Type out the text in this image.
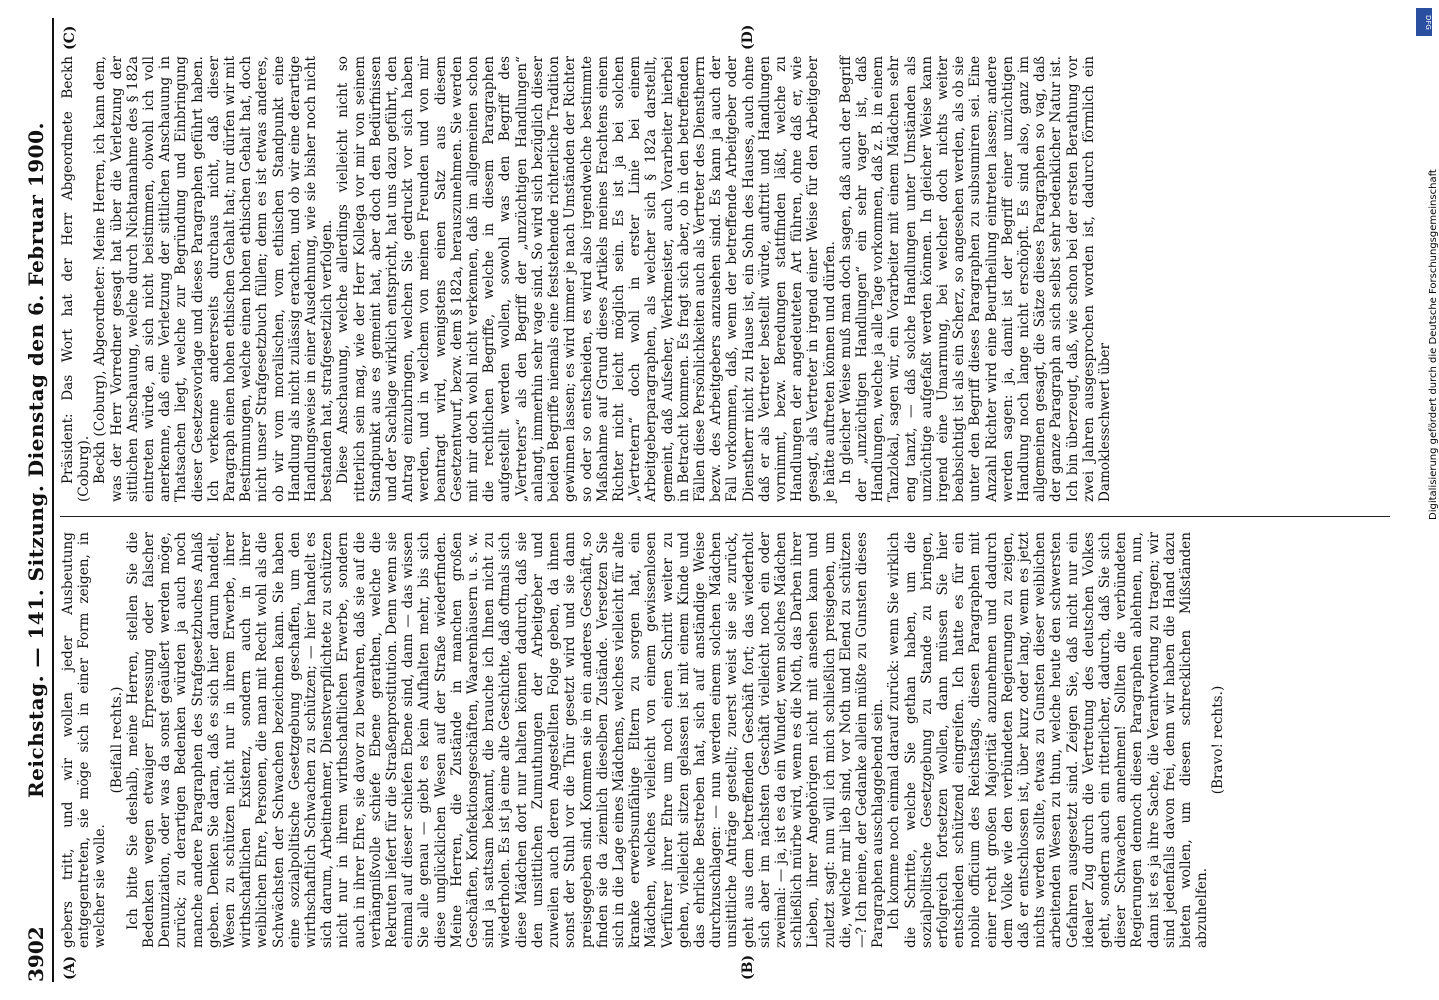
3902
Reichstag. — 141. Sitzung. Dienstag den 6. Februar 1900.
(A)	(B)
(C)	(D)

gebers tritt, und wir wollen jeder Ausbeutung entgegentreten, sie möge sich in einer Form zeigen, in welcher sie wolle.

(Beifall rechts.) Ich bitte Sie deshalb, meine Herren, stellen Sie die Bedenken wegen etwaiger Erpressung oder falscher Denunziation, oder was da sonst geäußert werden möge, zurück; zu derartigen Bedenken würden ja auch noch manche andere Paragraphen des Strafgesetzbuches Anlaß geben. Denken Sie daran, daß es sich hier darum handelt, Wesen zu schützen nicht nur in ihrem Erwerbe, ihrer wirthschaftlichen Existenz, sondern auch in ihrer weiblichen Ehre, Personen, die man mit Recht wohl als die Schwächsten der Schwachen bezeichnen kann. Sie haben eine sozialpolitische Gesetzgebung geschaffen, um den wirthschaftlich Schwachen zu schützen; — hier handelt es sich darum, Arbeitnehmer, Dienstverpflichtete zu schützen nicht nur in ihrem wirthschaftlichen Erwerbe, sondern auch in ihrer Ehre, sie davor zu bewahren, daß sie auf die verhängnißvolle schiefe Ebene gerathen, welche die Rekruten liefert für die Straßenprostitution. Denn wenn sie einmal auf dieser schiefen Ebene sind, dann — das wissen Sie alle genau — giebt es kein Aufhalten mehr, bis sich diese unglücklichen Wesen auf der Straße wiederfinden. Meine Herren, die Zustände in manchen großen Geschäften, Konfektionsgeschäften, Waarenhäusern u. s. w. sind ja sattsam bekannt, die brauche ich Ihnen nicht zu wiederholen. Es ist ja eine alte Geschichte, daß oftmals sich diese Mädchen dort nur halten können dadurch, daß sie den unsittlichen Zumuthungen der Arbeitgeber und zuweilen auch deren Angestellten Folge geben, da ihnen sonst der Stuhl vor die Thür gesetzt wird und sie dann preisgegeben sind. Kommen sie in ein anderes Geschäft, so finden sie da ziemlich dieselben Zustände. Versetzen Sie sich in die Lage eines Mädchens, welches vielleicht für alte kranke erwerbsunfähige Eltern zu sorgen hat, ein Mädchen, welches vielleicht von einem gewissenlosen Verführer ihrer Ehre um noch einen Schritt weiter zu gehen, vielleicht sitzen gelassen ist mit einem Kinde und das ehrliche Bestreben hat, sich auf anständige Weise durchzuschlagen: — nun werden einem solchen Mädchen unsittliche Anträge gestellt; zuerst weist sie sie zurück, geht aus dem betreffenden Geschäft fort; das wiederholt sich aber im nächsten Geschäft vielleicht noch ein oder zweimal: — ja, ist es da ein Wunder, wenn solches Mädchen schließlich mürbe wird, wenn es die Noth, das Darben ihrer Lieben, ihrer Angehörigen nicht mit ansehen kann und zuletzt sagt: nun will ich mich schließlich preisgeben, um die, welche mir lieb sind, vor Noth und Elend zu schützen —? Ich meine, der Gedanke allein müßte zu Gunsten dieses Paragraphen ausschlaggebend sein. Ich komme noch einmal darauf zurück: wenn Sie wirklich die Schritte, welche Sie gethan haben, um die sozialpolitische Gesetzgebung zu Stande zu bringen, erfolgreich fortsetzen wollen, dann müssen Sie hier entschieden schützend eingreifen. Ich hatte es für ein nobile officium des Reichstags, diesen Paragraphen mit einer recht großen Majorität anzunehmen und dadurch dem Volke wie den verbündeten Regierungen zu zeigen, daß er entschlossen ist, über kurz oder lang, wenn es jetzt nichts werden sollte, etwas zu Gunsten dieser weiblichen arbeitenden Wesen zu thun, welche heute den schwersten Gefahren ausgesetzt sind. Zeigen Sie, daß nicht nur ein idealer Zug durch die Vertretung des deutschen Volkes geht, sondern auch ein ritterlicher, dadurch, daß Sie sich dieser Schwachen annehmen! Sollten die verbündeten Regierungen dennoch diesen Paragraphen ablehnen, nun, dann ist es ja ihre Sache, die Verantwortung zu tragen; wir sind jedenfalls davon frei, denn wir haben die Hand dazu bieten wollen, um diesen schrecklichen Mißständen abzuhelfen.

(Bravo! rechts.)

Präsident: Das Wort hat der Herr Abgeordnete Beckh (Coburg). Beckh (Coburg), Abgeordneter: Meine Herren, ich kann dem, was der Herr Vorredner gesagt hat über die Verletzung der sittlichen Anschauung, welche durch Nichtannahme des § 182a eintreten würde, an sich nicht beistimmen, obwohl ich voll anerkenne, daß eine Verletzung der sittlichen Anschauung in Thatsachen liegt, welche zur Begründung und Einbringung dieser Gesetzesvorlage und dieses Paragraphen geführt haben. Ich verkenne andererseits durchaus nicht, daß dieser Paragraph einen hohen ethischen Gehalt hat; nur dürfen wir mit Bestimmungen, welche einen hohen ethischen Gehalt hat, doch nicht unser Strafgesetzbuch füllen; denn es ist etwas anderes, ob wir vom moralischen, vom ethischen Standpunkt eine Handlung als nicht zulässig erachten, und ob wir eine derartige Handlungsweise in einer Ausdehnung, wie sie bisher noch nicht bestanden hat, strafgesetzlich verfolgen. Diese Anschauung, welche allerdings vielleicht nicht so ritterlich sein mag, wie der Herr Kollega vor mir von seinem Standpunkt aus es gemeint hat, aber doch den Bedürfnissen und der Sachlage wirklich entspricht, hat uns dazu geführt, den Antrag einzubringen, welchen Sie gedruckt vor sich haben werden, und in welchem von meinen Freunden und von mir beantragt wird, wenigstens einen Satz aus diesem Gesetzentwurf, bezw. dem § 182a, herauszunehmen. Sie werden mit mir doch wohl nicht verkennen, daß im allgemeinen schon die rechtlichen Begriffe, welche in diesem Paragraphen aufgestellt werden wollen, sowohl was den Begriff des „Vertreters“ als den Begriff der „unzüchtigen Handlungen“ anlangt, immerhin sehr vage sind. So wird sich bezüglich dieser beiden Begriffe niemals eine feststehende richterliche Tradition gewinnen lassen; es wird immer je nach Umständen der Richter so oder so entscheiden, es wird also irgendwelche bestimmte Maßnahme auf Grund dieses Artikels meines Erachtens einem Richter nicht leicht möglich sein. Es ist ja bei solchen „Vertretern“ doch wohl in erster Linie bei einem Arbeitgeberparagraphen, als welcher sich § 182a darstellt, gemeint, daß Aufseher, Werkmeister, auch Vorarbeiter hierbei in Betracht kommen. Es fragt sich aber, ob in den betreffenden Fällen diese Persönlichkeiten auch als Vertreter des Dienstherrn bezw. des Arbeitgebers anzusehen sind. Es kann ja auch der Fall vorkommen, daß, wenn der betreffende Arbeitgeber oder Dienstherr nicht zu Hause ist, ein Sohn des Hauses, auch ohne daß er als Vertreter bestellt würde, auftritt und Handlungen vornimmt, bezw. Beredungen stattfinden läßt, welche zu Handlungen der angedeuteten Art führen, ohne daß er, wie gesagt, als Vertreter in irgend einer Weise für den Arbeitgeber je hätte auftreten können und dürfen. In gleicher Weise muß man doch sagen, daß auch der Begriff der „unzüchtigen Handlungen“ ein sehr vager ist, daß Handlungen, welche ja alle Tage vorkommen, daß z. B. in einem Tanzlokal, sagen wir, ein Vorarbeiter mit einem Mädchen sehr eng tanzt, — daß solche Handlungen unter Umständen als unzüchtige aufgefaßt werden können. In gleicher Weise kann irgend eine Umarmung, bei welcher doch nichts weiter beabsichtigt ist als ein Scherz, so angesehen werden, als ob sie unter den Begriff dieses Paragraphen zu subsumiren sei. Eine Anzahl Richter wird eine Beurtheilung eintreten lassen; andere werden sagen: ja, damit ist der Begriff einer unzüchtigen Handlung noch lange nicht erschöpft. Es sind also, ganz im allgemeinen gesagt, die Sätze dieses Paragraphen so vag, daß der ganze Paragraph an sich selbst sehr bedenklicher Natur ist. Ich bin überzeugt, daß, wie schon bei der ersten Berathung vor zwei Jahren ausgesprochen worden ist, dadurch förmlich ein Damoklesschwert über

DFG
Digitalisierung gefördert durch die Deutsche Forschungsgemeinschaft
